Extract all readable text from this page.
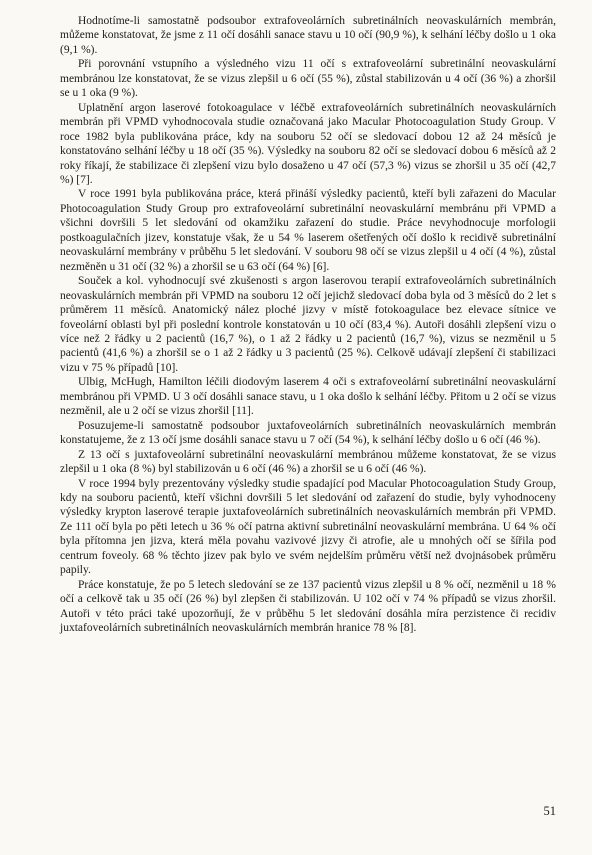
Hodnotíme-li samostatně podsoubor extrafoveolárních subretinálních neovaskulárních membrán, můžeme konstatovat, že jsme z 11 očí dosáhli sanace stavu u 10 očí (90,9 %), k selhání léčby došlo u 1 oka (9,1 %).

Při porovnání vstupního a výsledného vizu 11 očí s extrafoveolární subretinální neovaskulární membránou lze konstatovat, že se vizus zlepšil u 6 očí (55 %), zůstal stabilizován u 4 očí (36 %) a zhoršil se u 1 oka (9 %).

Uplatnění argon laserové fotokoagulace v léčbě extrafoveolárních subretinálních neovaskulárních membrán při VPMD vyhodnocovala studie označovaná jako Macular Photocoagulation Study Group. V roce 1982 byla publikována práce, kdy na souboru 52 očí se sledovací dobou 12 až 24 měsíců je konstatováno selhání léčby u 18 očí (35 %). Výsledky na souboru 82 očí se sledovací dobou 6 měsíců až 2 roky říkají, že stabilizace či zlepšení vizu bylo dosaženo u 47 očí (57,3 %) vizus se zhoršil u 35 očí (42,7 %) [7].

V roce 1991 byla publikována práce, která přináší výsledky pacientů, kteří byli zařazeni do Macular Photocoagulation Study Group pro extrafoveolární subretinální neovaskulární membránu při VPMD a všichni dovršili 5 let sledování od okamžiku zařazení do studie. Práce nevyhodnocuje morfologii postkoagulačních jizev, konstatuje však, že u 54 % laserem ošetřených očí došlo k recidivě subretinální neovaskulární membrány v průběhu 5 let sledování. V souboru 98 očí se vizus zlepšil u 4 očí (4 %), zůstal nezměněn u 31 očí (32 %) a zhoršil se u 63 očí (64 %) [6].

Souček a kol. vyhodnocují své zkušenosti s argon laserovou terapií extrafoveolárních subretinálních neovaskulárních membrán při VPMD na souboru 12 očí jejichž sledovací doba byla od 3 měsíců do 2 let s průměrem 11 měsíců. Anatomický nález ploché jizvy v místě fotokoagulace bez elevace sítnice ve foveolární oblasti byl při poslední kontrole konstatován u 10 očí (83,4 %). Autoři dosáhli zlepšení vizu o více než 2 řádky u 2 pacientů (16,7 %), o 1 až 2 řádky u 2 pacientů (16,7 %), vizus se nezměnil u 5 pacientů (41,6 %) a zhoršil se o 1 až 2 řádky u 3 pacientů (25 %). Celkově udávají zlepšení či stabilizaci vizu v 75 % případů [10].

Ulbig, McHugh, Hamilton léčili diodovým laserem 4 oči s extrafoveolární subretinální neovaskulární membránou při VPMD. U 3 očí dosáhli sanace stavu, u 1 oka došlo k selhání léčby. Přitom u 2 očí se vizus nezměnil, ale u 2 očí se vizus zhoršil [11].

Posuzujeme-li samostatně podsoubor juxtafoveolárních subretinálních neovaskulárních membrán konstatujeme, že z 13 očí jsme dosáhli sanace stavu u 7 očí (54 %), k selhání léčby došlo u 6 očí (46 %).

Z 13 očí s juxtafoveolární subretinální neovaskulární membránou můžeme konstatovat, že se vizus zlepšil u 1 oka (8 %) byl stabilizován u 6 očí (46 %) a zhoršil se u 6 očí (46 %).

V roce 1994 byly prezentovány výsledky studie spadající pod Macular Photocoagulation Study Group, kdy na souboru pacientů, kteří všichni dovršili 5 let sledování od zařazení do studie, byly vyhodnoceny výsledky krypton laserové terapie juxtafoveolárních subretinálních neovaskulárních membrán při VPMD. Ze 111 očí byla po pěti letech u 36 % očí patrna aktivní subretinální neovaskulární membrána. U 64 % očí byla přítomna jen jizva, která měla povahu vazivové jizvy či atrofie, ale u mnohých očí se šířila pod centrum foveoly. 68 % těchto jizev pak bylo ve svém nejdelším průměru větší než dvojnásobek průměru papily.

Práce konstatuje, že po 5 letech sledování se ze 137 pacientů vizus zlepšil u 8 % očí, nezměnil u 18 % očí a celkově tak u 35 očí (26 %) byl zlepšen či stabilizován. U 102 očí v 74 % případů se vizus zhoršil. Autoři v této práci také upozorňují, že v průběhu 5 let sledování dosáhla míra perzistence či recidiv juxtafoveolárních subretinálních neovaskulárních membrán hranice 78 % [8].

51
